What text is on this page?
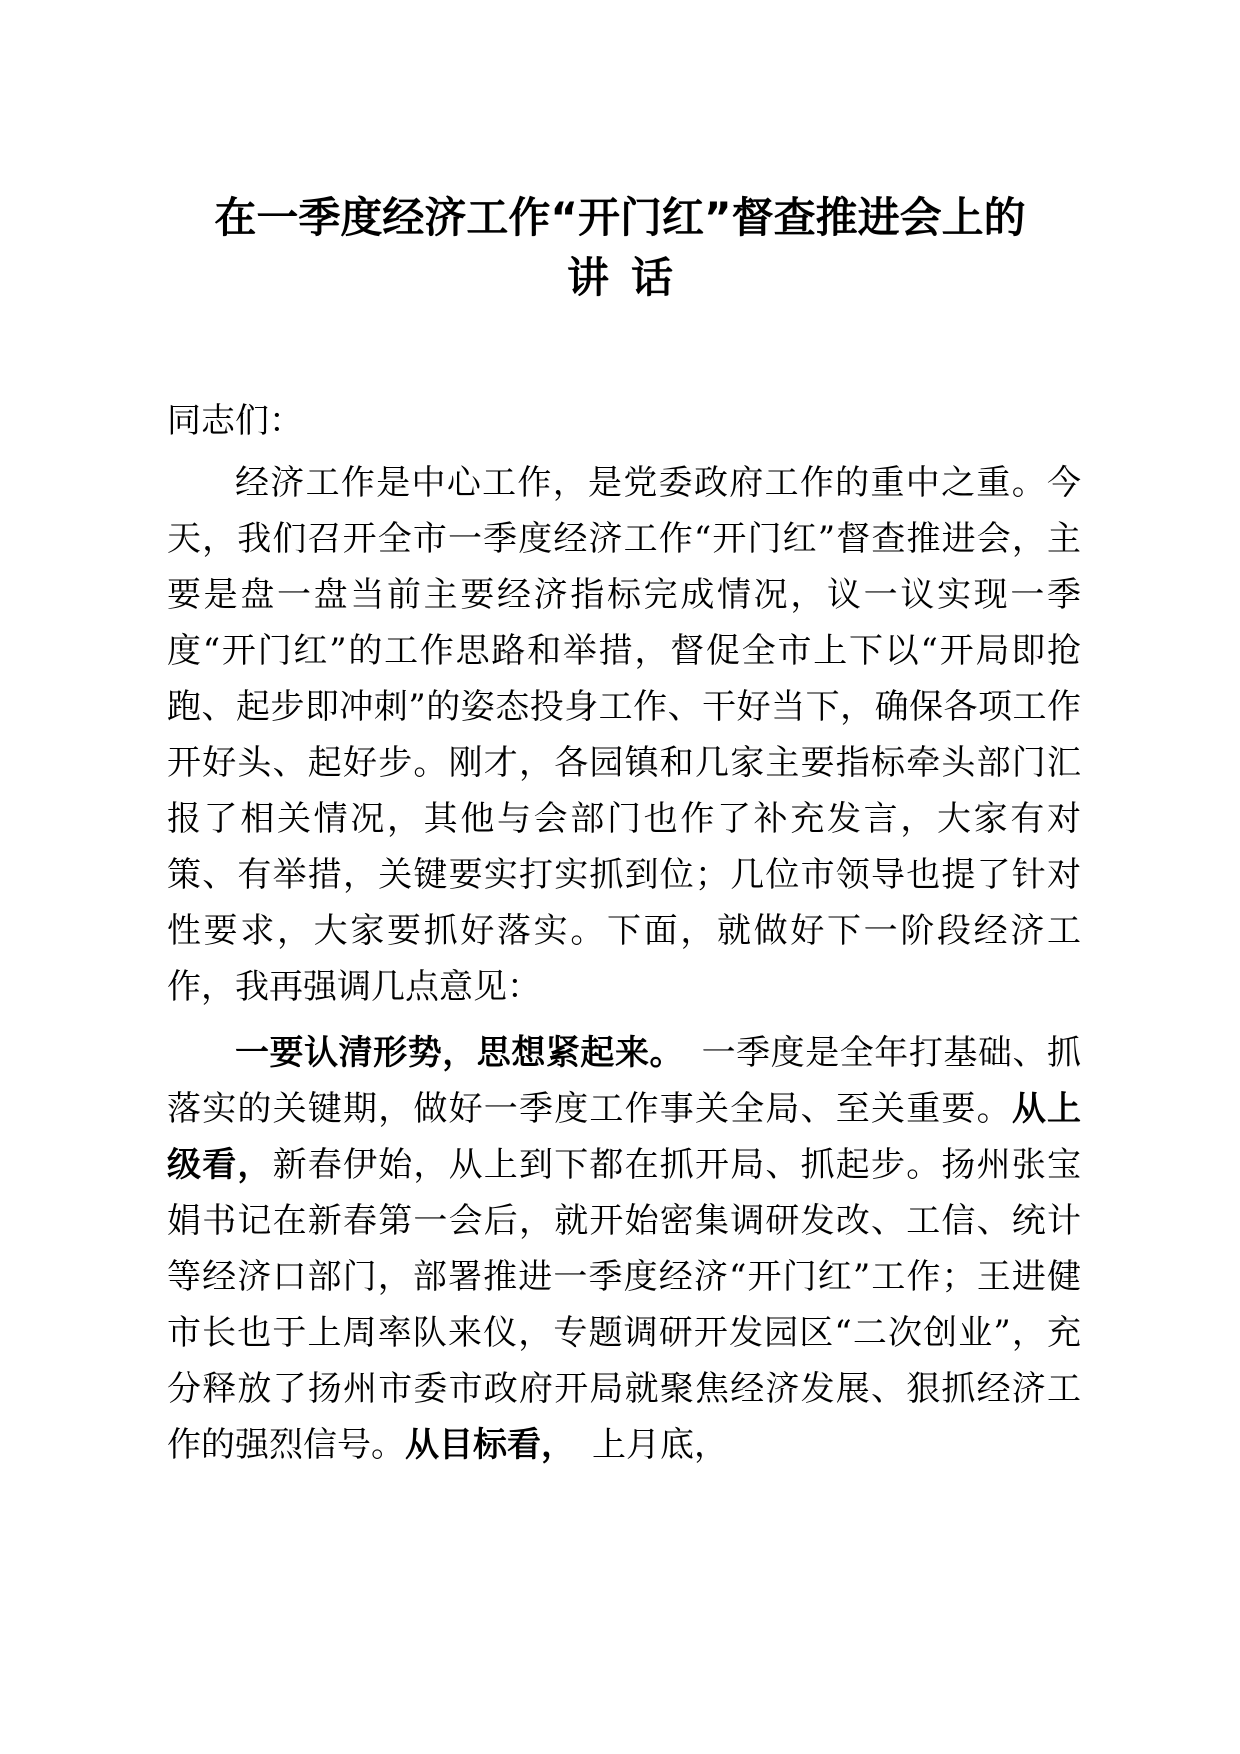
在一季度经济工作“开门红”督查推进会上的
讲话

同志们：

经济工作是中心工作，是党委政府工作的重中之重。今天，我们召开全市一季度经济工作“开门红”督查推进会，主要是盘一盘当前主要经济指标完成情况，议一议实现一季度“开门红”的工作思路和举措，督促全市上下以“开局即抢跑、起步即冲刺”的姿态投身工作、干好当下，确保各项工作开好头、起好步。刚才，各园镇和几家主要指标牵头部门汇报了相关情况，其他与会部门也作了补充发言，大家有对策、有举措，关键要实打实抓到位；几位市领导也提了针对性要求，大家要抓好落实。下面，就做好下一阶段经济工作，我再强调几点意见：

一要认清形势，思想紧起来。  一季度是全年打基础、抓落实的关键期，做好一季度工作事关全局、至关重要。从上级看，新春伊始，从上到下都在抓开局、抓起步。扬州张宝娟书记在新春第一会后，就开始密集调研发改、工信、统计等经济口部门，部署推进一季度经济“开门红”工作；王进健市长也于上周率队来仪，专题调研开发园区“二次创业”，充分释放了扬州市委市政府开局就聚焦经济发展、狠抓经济工作的强烈信号。从目标看，  上月底，
